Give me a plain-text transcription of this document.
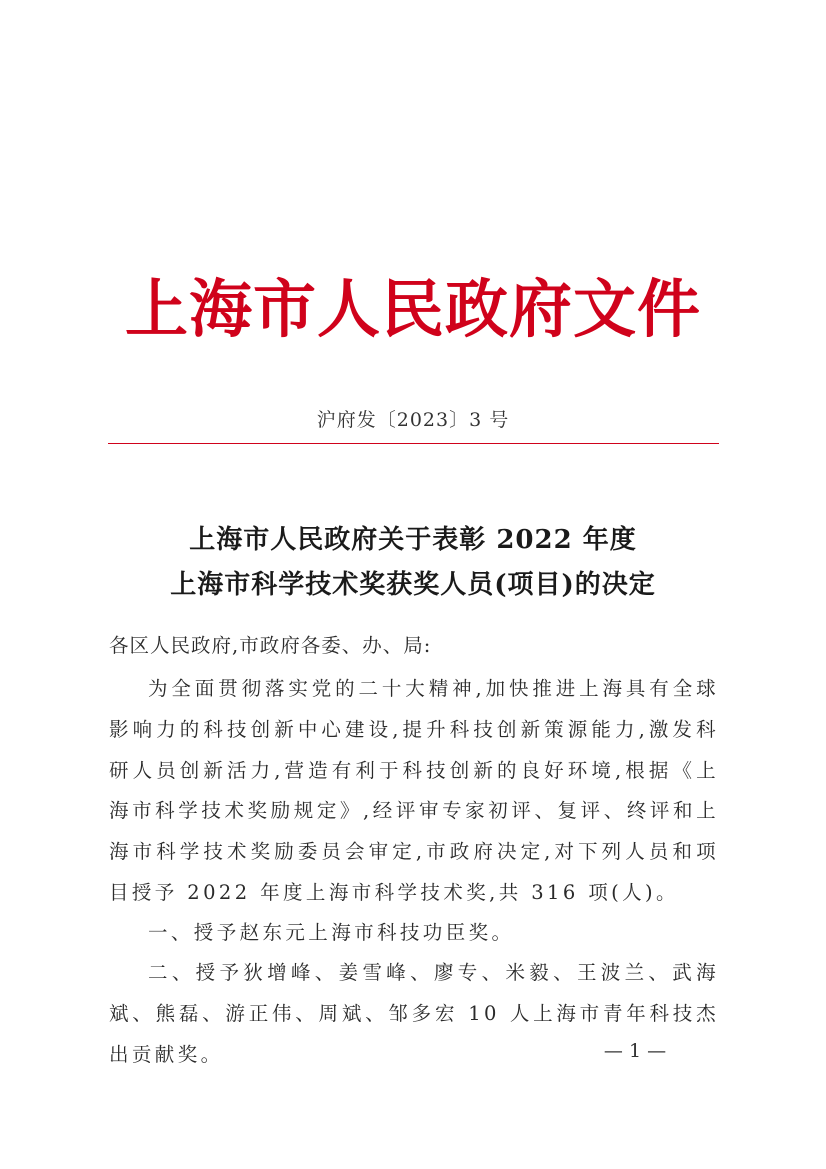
上海市人民政府文件
沪府发〔2023〕3 号
上海市人民政府关于表彰 2022 年度
上海市科学技术奖获奖人员(项目)的决定
各区人民政府,市政府各委、办、局:

为全面贯彻落实党的二十大精神,加快推进上海具有全球影响力的科技创新中心建设,提升科技创新策源能力,激发科研人员创新活力,营造有利于科技创新的良好环境,根据《上海市科学技术奖励规定》,经评审专家初评、复评、终评和上海市科学技术奖励委员会审定,市政府决定,对下列人员和项目授予 2022 年度上海市科学技术奖,共 316 项(人)。

一、授予赵东元上海市科技功臣奖。

二、授予狄增峰、姜雪峰、廖专、米毅、王波兰、武海斌、熊磊、游正伟、周斌、邹多宏 10 人上海市青年科技杰出贡献奖。	— 1 —
